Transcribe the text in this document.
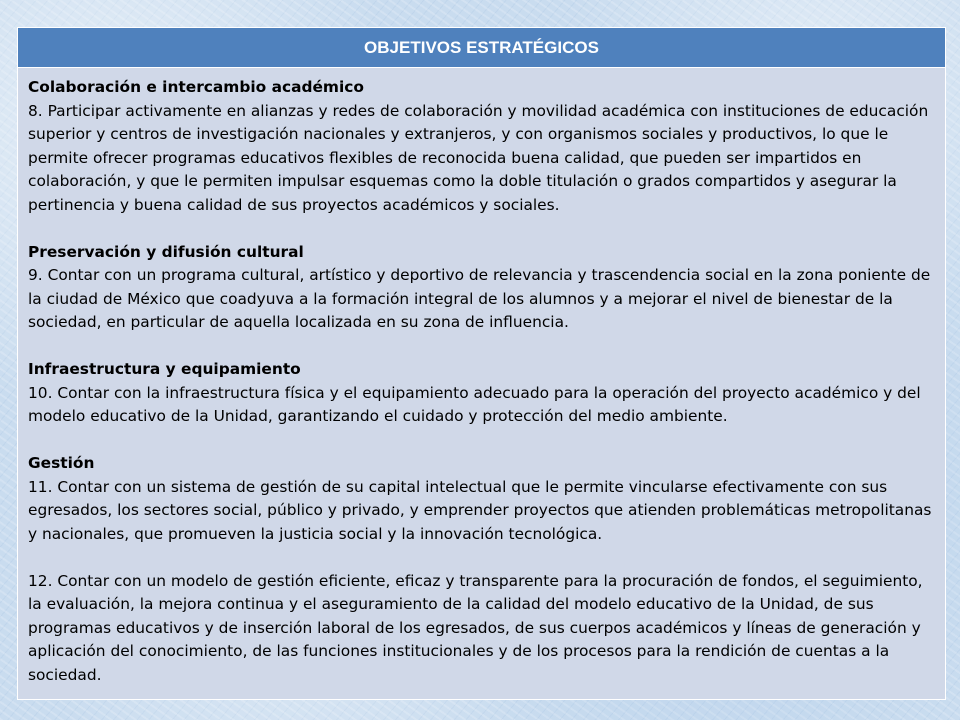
OBJETIVOS ESTRATÉGICOS
Colaboración e intercambio académico
8. Participar activamente en alianzas y redes de colaboración y movilidad académica con instituciones de educación superior y centros de investigación nacionales y extranjeros, y con organismos sociales y productivos, lo que le permite ofrecer programas educativos flexibles de reconocida buena calidad, que pueden ser impartidos en colaboración, y que le permiten impulsar esquemas como la doble titulación o grados compartidos y asegurar la pertinencia y buena calidad de sus proyectos académicos y sociales.
Preservación y difusión cultural
9. Contar con un programa cultural, artístico y deportivo de relevancia y trascendencia social en la zona poniente de la ciudad de México que coadyuva a la formación integral de los alumnos y a mejorar el nivel de bienestar de la sociedad, en particular de aquella localizada en su zona de influencia.
Infraestructura y equipamiento
10. Contar con la infraestructura física y el equipamiento adecuado para la operación del proyecto académico y del modelo educativo de la Unidad, garantizando el cuidado y protección del medio ambiente.
Gestión
11. Contar con un sistema de gestión de su capital intelectual que le permite vincularse efectivamente con sus egresados, los sectores social, público y privado, y emprender proyectos que atienden problemáticas metropolitanas y nacionales, que promueven la justicia social y la innovación tecnológica.
12. Contar con un modelo de gestión eficiente, eficaz y transparente para la procuración de fondos, el seguimiento, la evaluación, la mejora continua y el aseguramiento de la calidad del modelo educativo de la Unidad, de sus programas educativos y de inserción laboral de los egresados, de sus cuerpos académicos y líneas de generación y aplicación del conocimiento, de las funciones institucionales y de los procesos para la rendición de cuentas a la sociedad.
